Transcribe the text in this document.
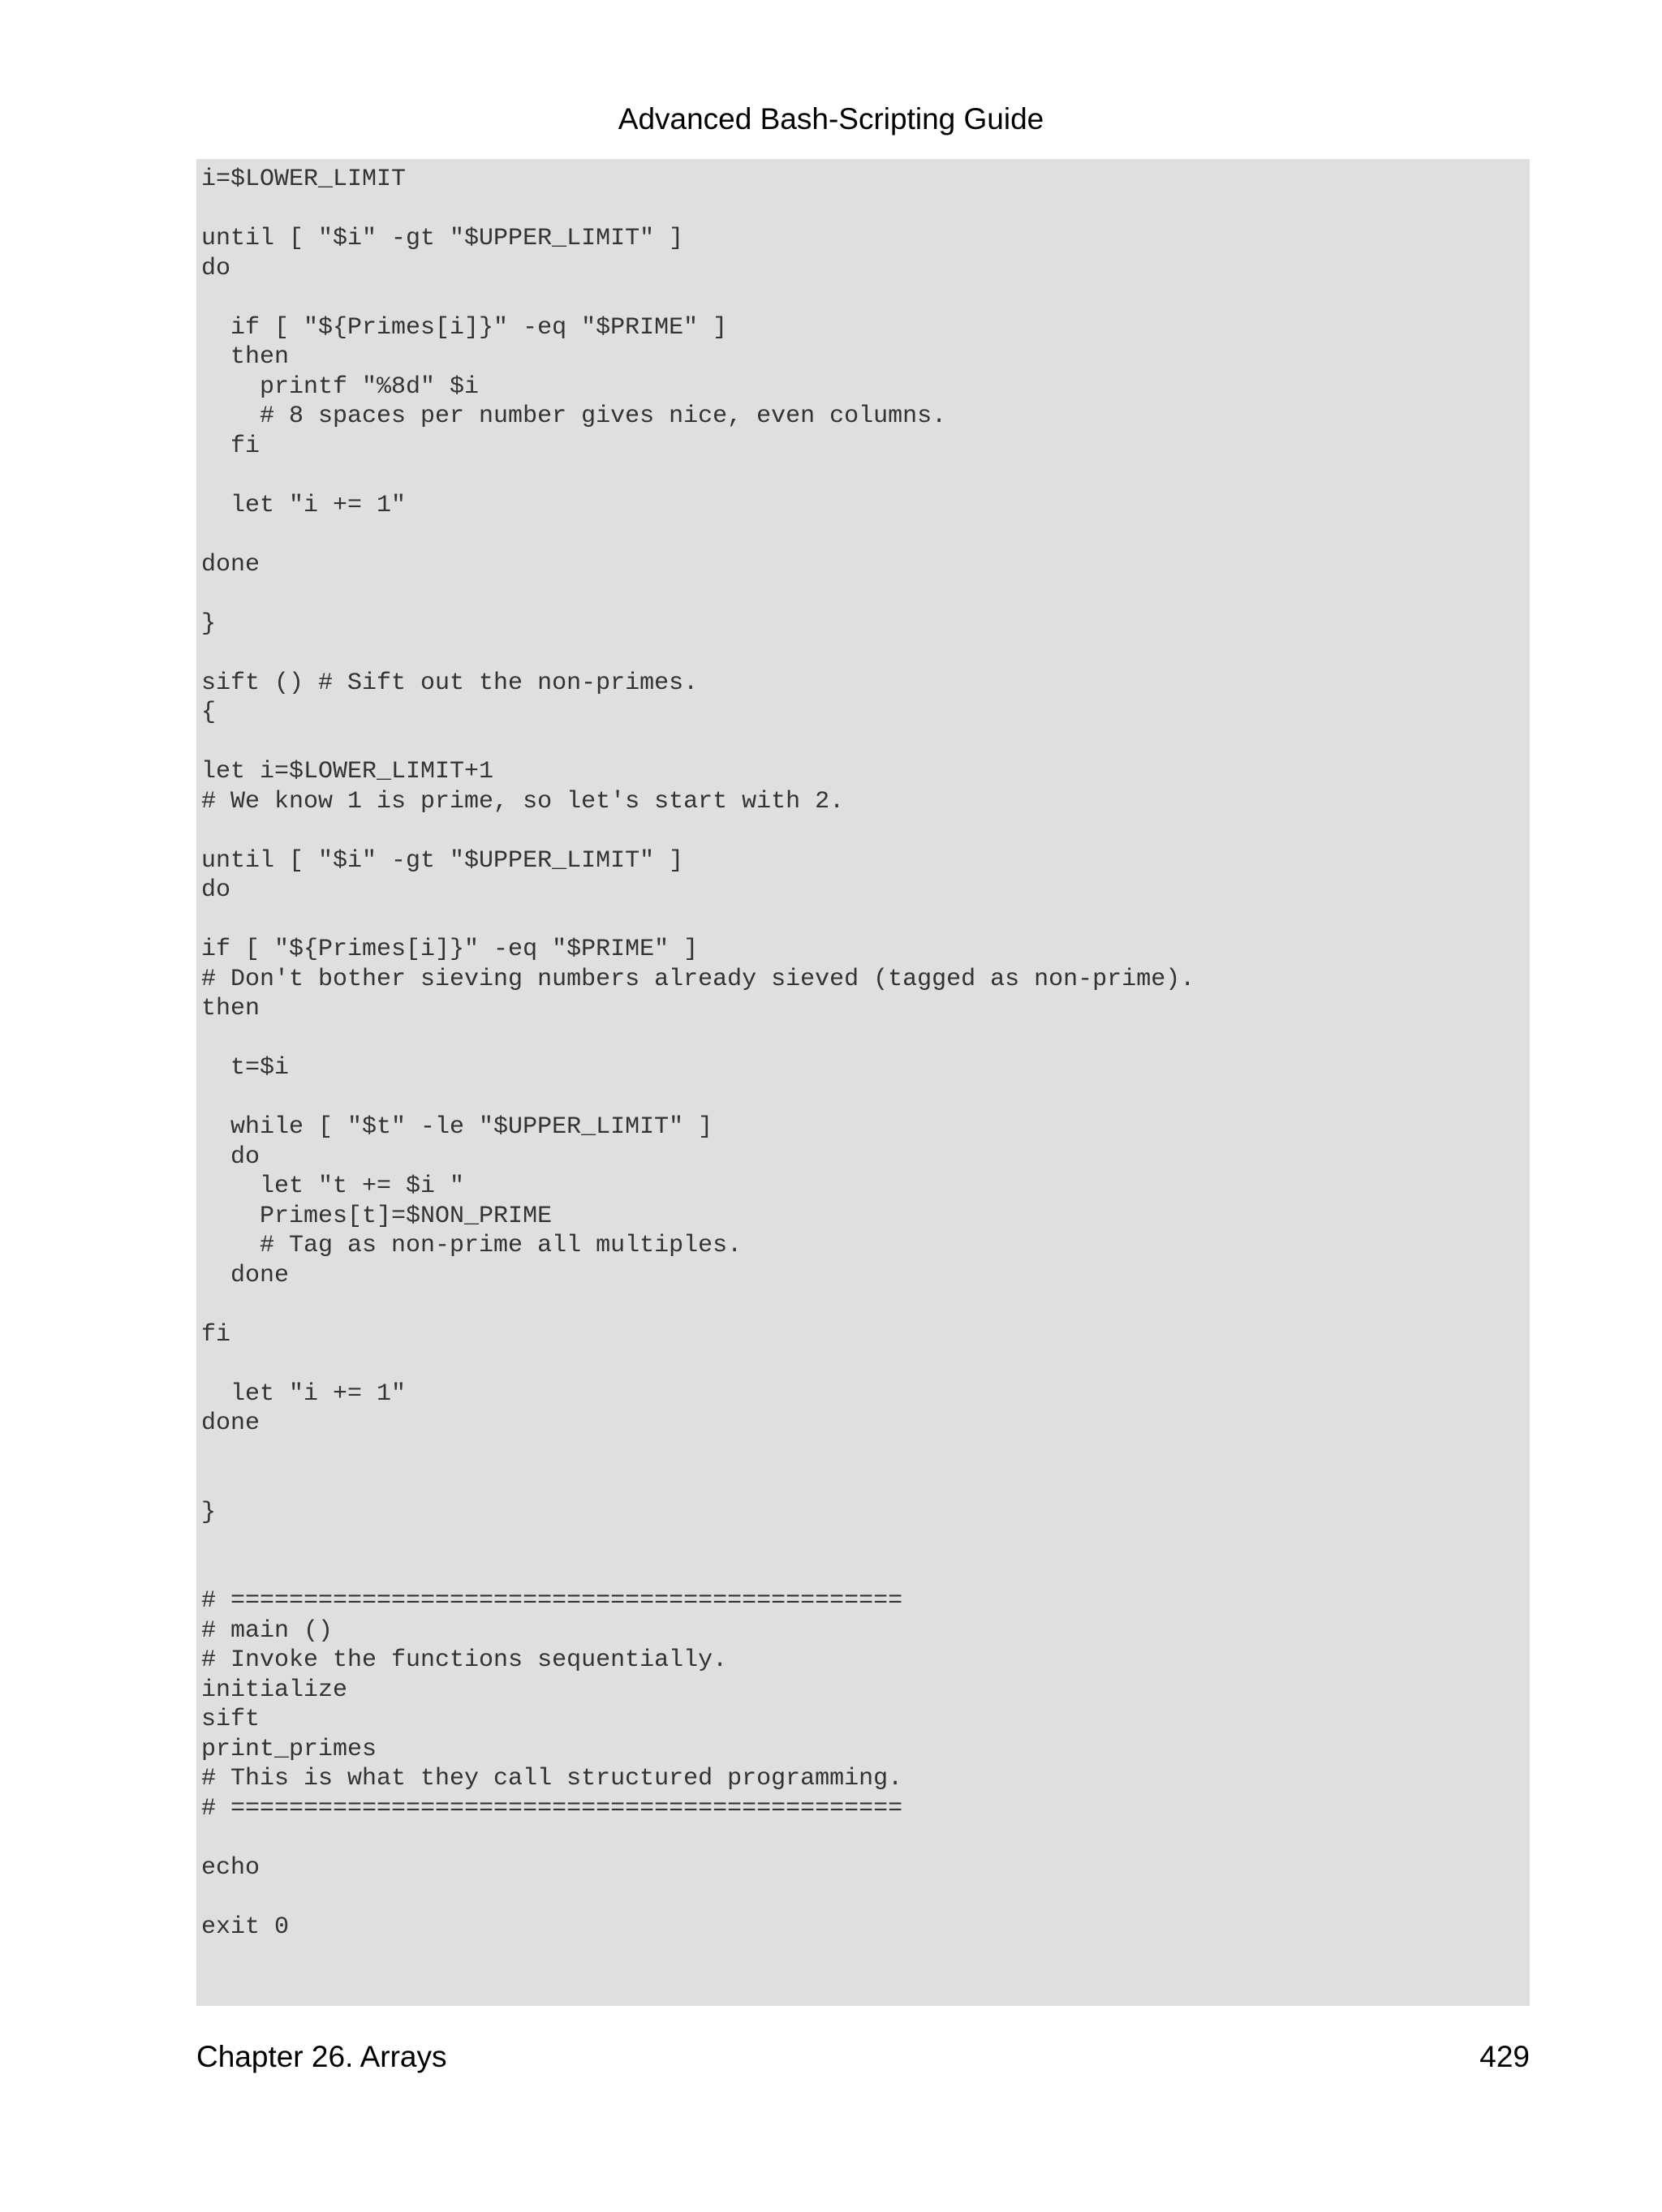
Advanced Bash-Scripting Guide
i=$LOWER_LIMIT

until [ "$i" -gt "$UPPER_LIMIT" ]
do

if [ "${Primes[i]}" -eq "$PRIME" ]
then
printf "%8d" $i
# 8 spaces per number gives nice, even columns.
fi

let "i += 1"

done

}

sift () # Sift out the non-primes.
{

let i=$LOWER_LIMIT+1
# We know 1 is prime, so let's start with 2.

until [ "$i" -gt "$UPPER_LIMIT" ]
do

if [ "${Primes[i]}" -eq "$PRIME" ]
# Don't bother sieving numbers already sieved (tagged as non-prime).
then

t=$i

while [ "$t" -le "$UPPER_LIMIT" ]
do
let "t += $i "
Primes[t]=$NON_PRIME
# Tag as non-prime all multiples.
done

fi

let "i += 1"
done

}

# ==============================================
# main ()
# Invoke the functions sequentially.
initialize
sift
print_primes
# This is what they call structured programming.
# ==============================================

echo

exit 0
Chapter 26. Arrays	429
